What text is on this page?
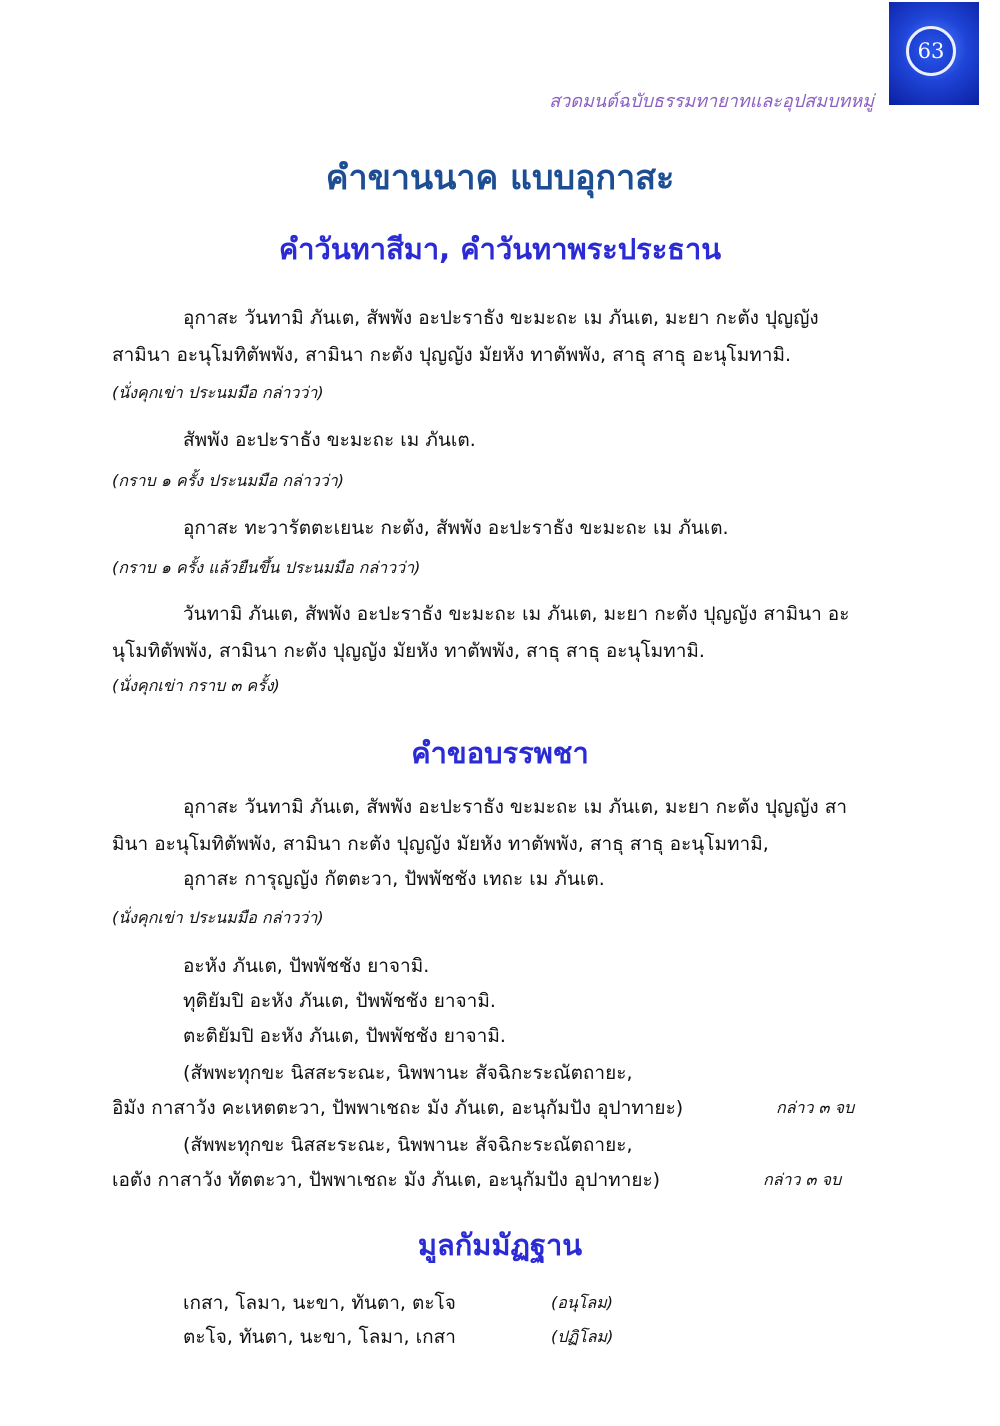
63
สวดมนต์ฉบับธรรมทายาทและอุปสมบทหมู่
คำขานนาค แบบอุกาสะ
คำวันทาสีมา, คำวันทาพระประธาน
อุกาสะ วันทามิ ภันเต, สัพพัง อะปะราธัง ขะมะถะ เม ภันเต, มะยา กะตัง ปุญญัง
สามินา อะนุโมทิตัพพัง, สามินา กะตัง ปุญญัง มัยหัง ทาตัพพัง, สาธุ สาธุ อะนุโมทามิ.
(นั่งคุกเข่า ประนมมือ กล่าวว่า)
สัพพัง อะปะราธัง ขะมะถะ เม ภันเต.
(กราบ ๑ ครั้ง ประนมมือ กล่าวว่า)
อุกาสะ ทะวารัตตะเยนะ กะตัง, สัพพัง อะปะราธัง ขะมะถะ เม ภันเต.
(กราบ ๑ ครั้ง แล้วยืนขึ้น ประนมมือ กล่าวว่า)
วันทามิ ภันเต, สัพพัง อะปะราธัง ขะมะถะ เม ภันเต, มะยา กะตัง ปุญญัง สามินา อะ
นุโมทิตัพพัง, สามินา กะตัง ปุญญัง มัยหัง ทาตัพพัง, สาธุ สาธุ อะนุโมทามิ.
(นั่งคุกเข่า กราบ ๓ ครั้ง)
คำขอบรรพชา
อุกาสะ วันทามิ ภันเต, สัพพัง อะปะราธัง ขะมะถะ เม ภันเต, มะยา กะตัง ปุญญัง สา
มินา อะนุโมทิตัพพัง, สามินา กะตัง ปุญญัง มัยหัง ทาตัพพัง, สาธุ สาธุ อะนุโมทามิ,
อุกาสะ การุญญัง กัตตะวา, ปัพพัชชัง เทถะ เม ภันเต.
(นั่งคุกเข่า ประนมมือ กล่าวว่า)
อะหัง ภันเต, ปัพพัชชัง ยาจามิ.
ทุติยัมปิ อะหัง ภันเต, ปัพพัชชัง ยาจามิ.
ตะติยัมปิ อะหัง ภันเต, ปัพพัชชัง ยาจามิ.
(สัพพะทุกขะ นิสสะระณะ, นิพพานะ สัจฉิกะระณัตถายะ,
อิมัง กาสาวัง คะเหตตะวา, ปัพพาเชถะ มัง ภันเต, อะนุกัมปัง อุปาทายะ)	กล่าว ๓ จบ
(สัพพะทุกขะ นิสสะระณะ, นิพพานะ สัจฉิกะระณัตถายะ,
เอตัง กาสาวัง ทัตตะวา, ปัพพาเชถะ มัง ภันเต, อะนุกัมปัง อุปาทายะ)	กล่าว ๓ จบ
มูลกัมมัฏฐาน
เกสา, โลมา, นะขา, ทันตา, ตะโจ	(อนุโลม)
ตะโจ, ทันตา, นะขา, โลมา, เกสา	(ปฏิโลม)
